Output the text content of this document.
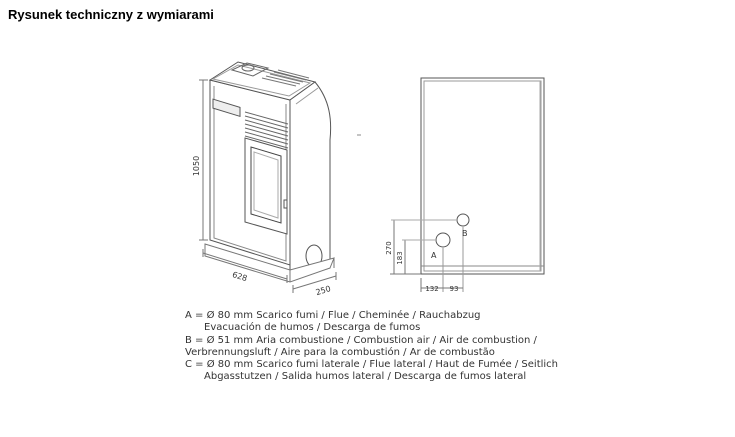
Rysunek techniczny z wymiarami
1050
628
250
270
183
132 93
A
B
A = Ø 80 mm Scarico fumi / Flue / Cheminée / Rauchabzug
Evacuación de humos / Descarga de fumos
B = Ø 51 mm Aria combustione / Combustion air / Air de combustion /
Verbrennungsluft / Aire para la combustión / Ar de combustão
C = Ø 80 mm Scarico fumi laterale / Flue lateral / Haut de Fumée / Seitlich
Abgasstutzen / Salida humos lateral / Descarga de fumos lateral
